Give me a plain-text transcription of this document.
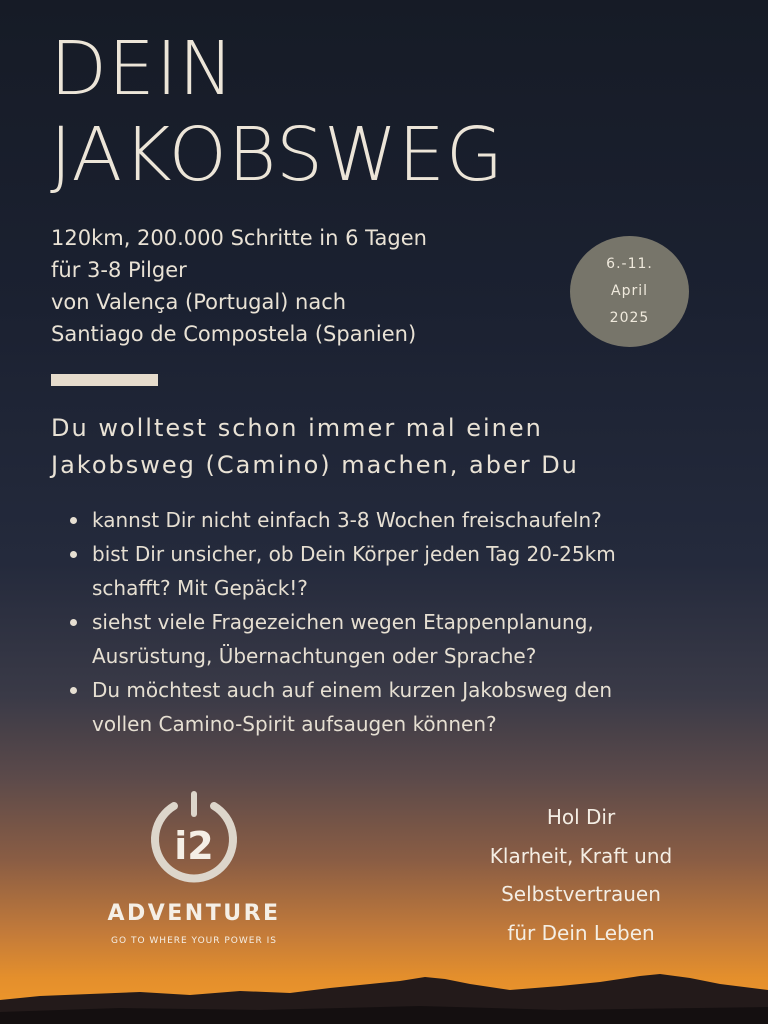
DEIN
JAKOBSWEG
120km, 200.000 Schritte in 6 Tagen
für 3-8 Pilger
von Valença (Portugal) nach
Santiago de Compostela (Spanien)
6.-11.
April
2025
Du wolltest schon immer mal einen
Jakobsweg (Camino) machen, aber Du
kannst Dir nicht einfach 3-8 Wochen freischaufeln?
bist Dir unsicher, ob Dein Körper jeden Tag 20-25km
schafft? Mit Gepäck!?
siehst viele Fragezeichen wegen Etappenplanung,
Ausrüstung, Übernachtungen oder Sprache?
Du möchtest auch auf einem kurzen Jakobsweg den
vollen Camino-Spirit aufsaugen können?
i2
ADVENTURE
GO TO WHERE YOUR POWER IS
Hol Dir
Klarheit, Kraft und
Selbstvertrauen
für Dein Leben
